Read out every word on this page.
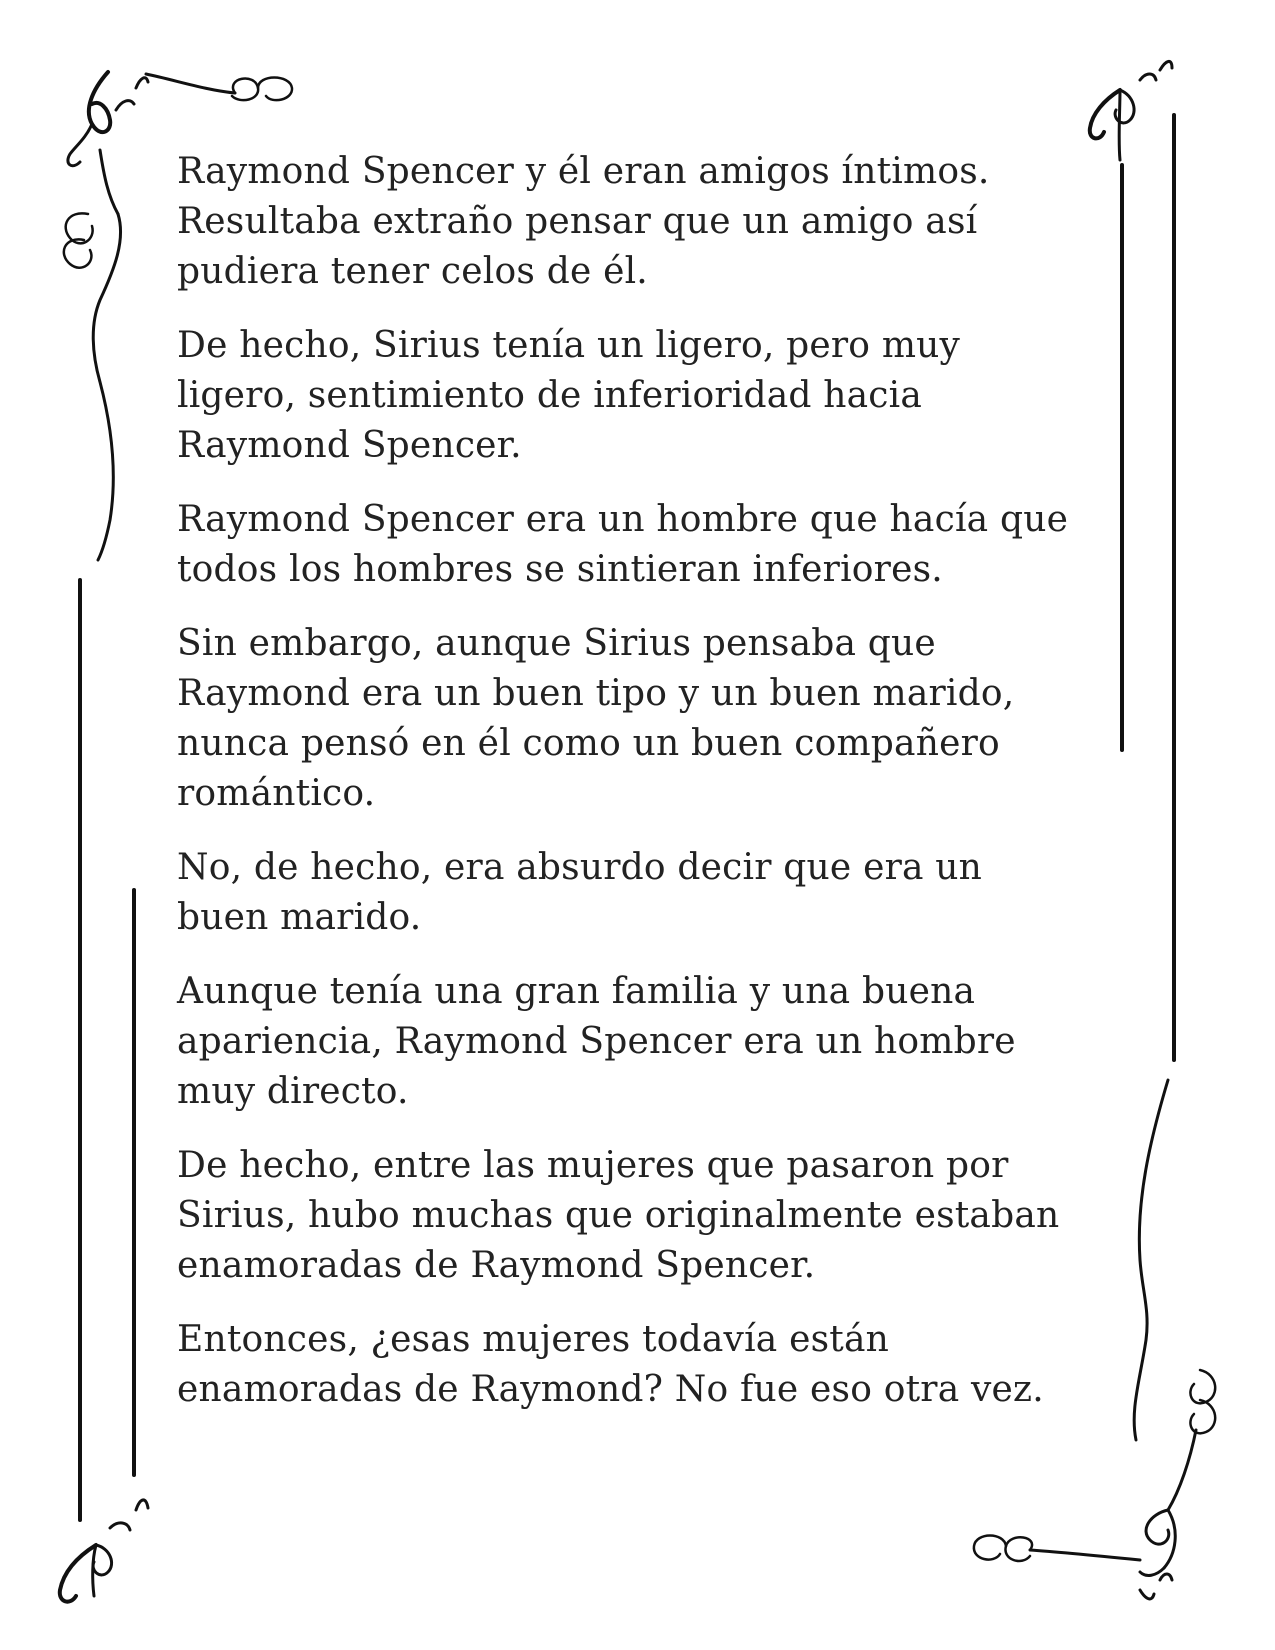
Raymond Spencer y él eran amigos íntimos.
Resultaba extraño pensar que un amigo así
pudiera tener celos de él.

De hecho, Sirius tenía un ligero, pero muy
ligero, sentimiento de inferioridad hacia
Raymond Spencer.

Raymond Spencer era un hombre que hacía que
todos los hombres se sintieran inferiores.

Sin embargo, aunque Sirius pensaba que
Raymond era un buen tipo y un buen marido,
nunca pensó en él como un buen compañero
romántico.

No, de hecho, era absurdo decir que era un
buen marido.

Aunque tenía una gran familia y una buena
apariencia, Raymond Spencer era un hombre
muy directo.

De hecho, entre las mujeres que pasaron por
Sirius, hubo muchas que originalmente estaban
enamoradas de Raymond Spencer.

Entonces, ¿esas mujeres todavía están
enamoradas de Raymond? No fue eso otra vez.
